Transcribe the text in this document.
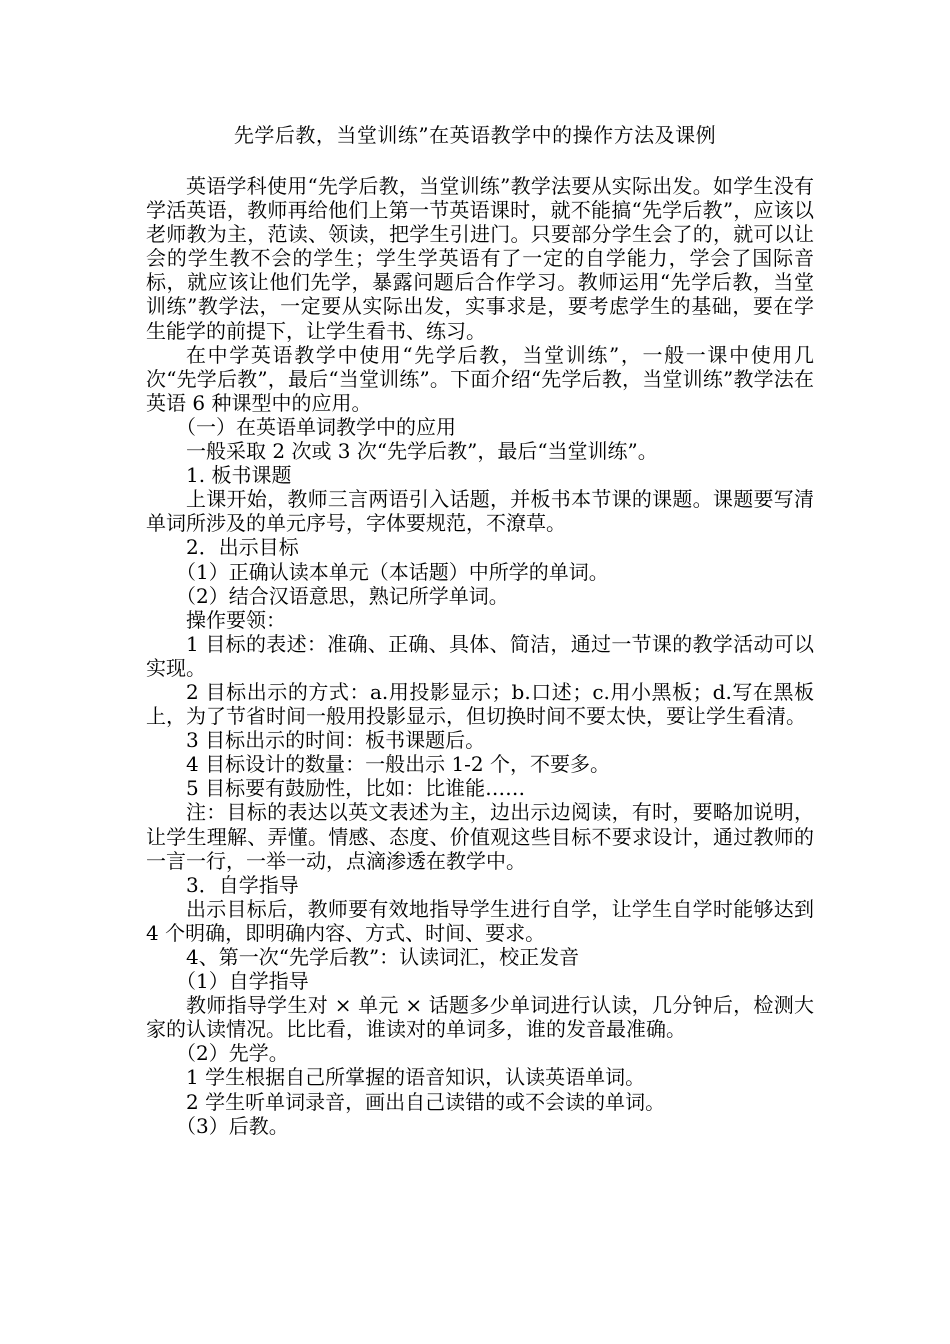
先学后教，当堂训练”在英语教学中的操作方法及课例

英语学科使用“先学后教，当堂训练”教学法要从实际出发。如学生没有学活英语，教师再给他们上第一节英语课时，就不能搞“先学后教”，应该以老师教为主，范读、领读，把学生引进门。只要部分学生会了的，就可以让会的学生教不会的学生；学生学英语有了一定的自学能力，学会了国际音标，就应该让他们先学，暴露问题后合作学习。教师运用“先学后教，当堂训练”教学法，一定要从实际出发，实事求是，要考虑学生的基础，要在学生能学的前提下，让学生看书、练习。

在中学英语教学中使用“先学后教，当堂训练”，一般一课中使用几次“先学后教”，最后“当堂训练”。下面介绍“先学后教，当堂训练”教学法在英语 6 种课型中的应用。

（一）在英语单词教学中的应用

一般采取 2 次或 3 次“先学后教”，最后“当堂训练”。

1. 板书课题

上课开始，教师三言两语引入话题，并板书本节课的课题。课题要写清单词所涉及的单元序号，字体要规范，不潦草。

2．出示目标

（1）正确认读本单元（本话题）中所学的单词。

（2）结合汉语意思，熟记所学单词。

操作要领：

1 目标的表述：准确、正确、具体、简洁，通过一节课的教学活动可以实现。

2 目标出示的方式：a.用投影显示；b.口述；c.用小黑板；d.写在黑板上，为了节省时间一般用投影显示，但切换时间不要太快，要让学生看清。

3 目标出示的时间：板书课题后。

4 目标设计的数量：一般出示 1-2 个，不要多。

5 目标要有鼓励性，比如：比谁能……

注：目标的表达以英文表述为主，边出示边阅读，有时，要略加说明，让学生理解、弄懂。情感、态度、价值观这些目标不要求设计，通过教师的一言一行，一举一动，点滴渗透在教学中。

3．自学指导

出示目标后，教师要有效地指导学生进行自学，让学生自学时能够达到 4 个明确，即明确内容、方式、时间、要求。

4、第一次“先学后教”：认读词汇，校正发音

（1）自学指导

教师指导学生对 × 单元 × 话题多少单词进行认读，几分钟后，检测大家的认读情况。比比看，谁读对的单词多，谁的发音最准确。

（2）先学。

1 学生根据自己所掌握的语音知识，认读英语单词。

2 学生听单词录音，画出自己读错的或不会读的单词。

（3）后教。
